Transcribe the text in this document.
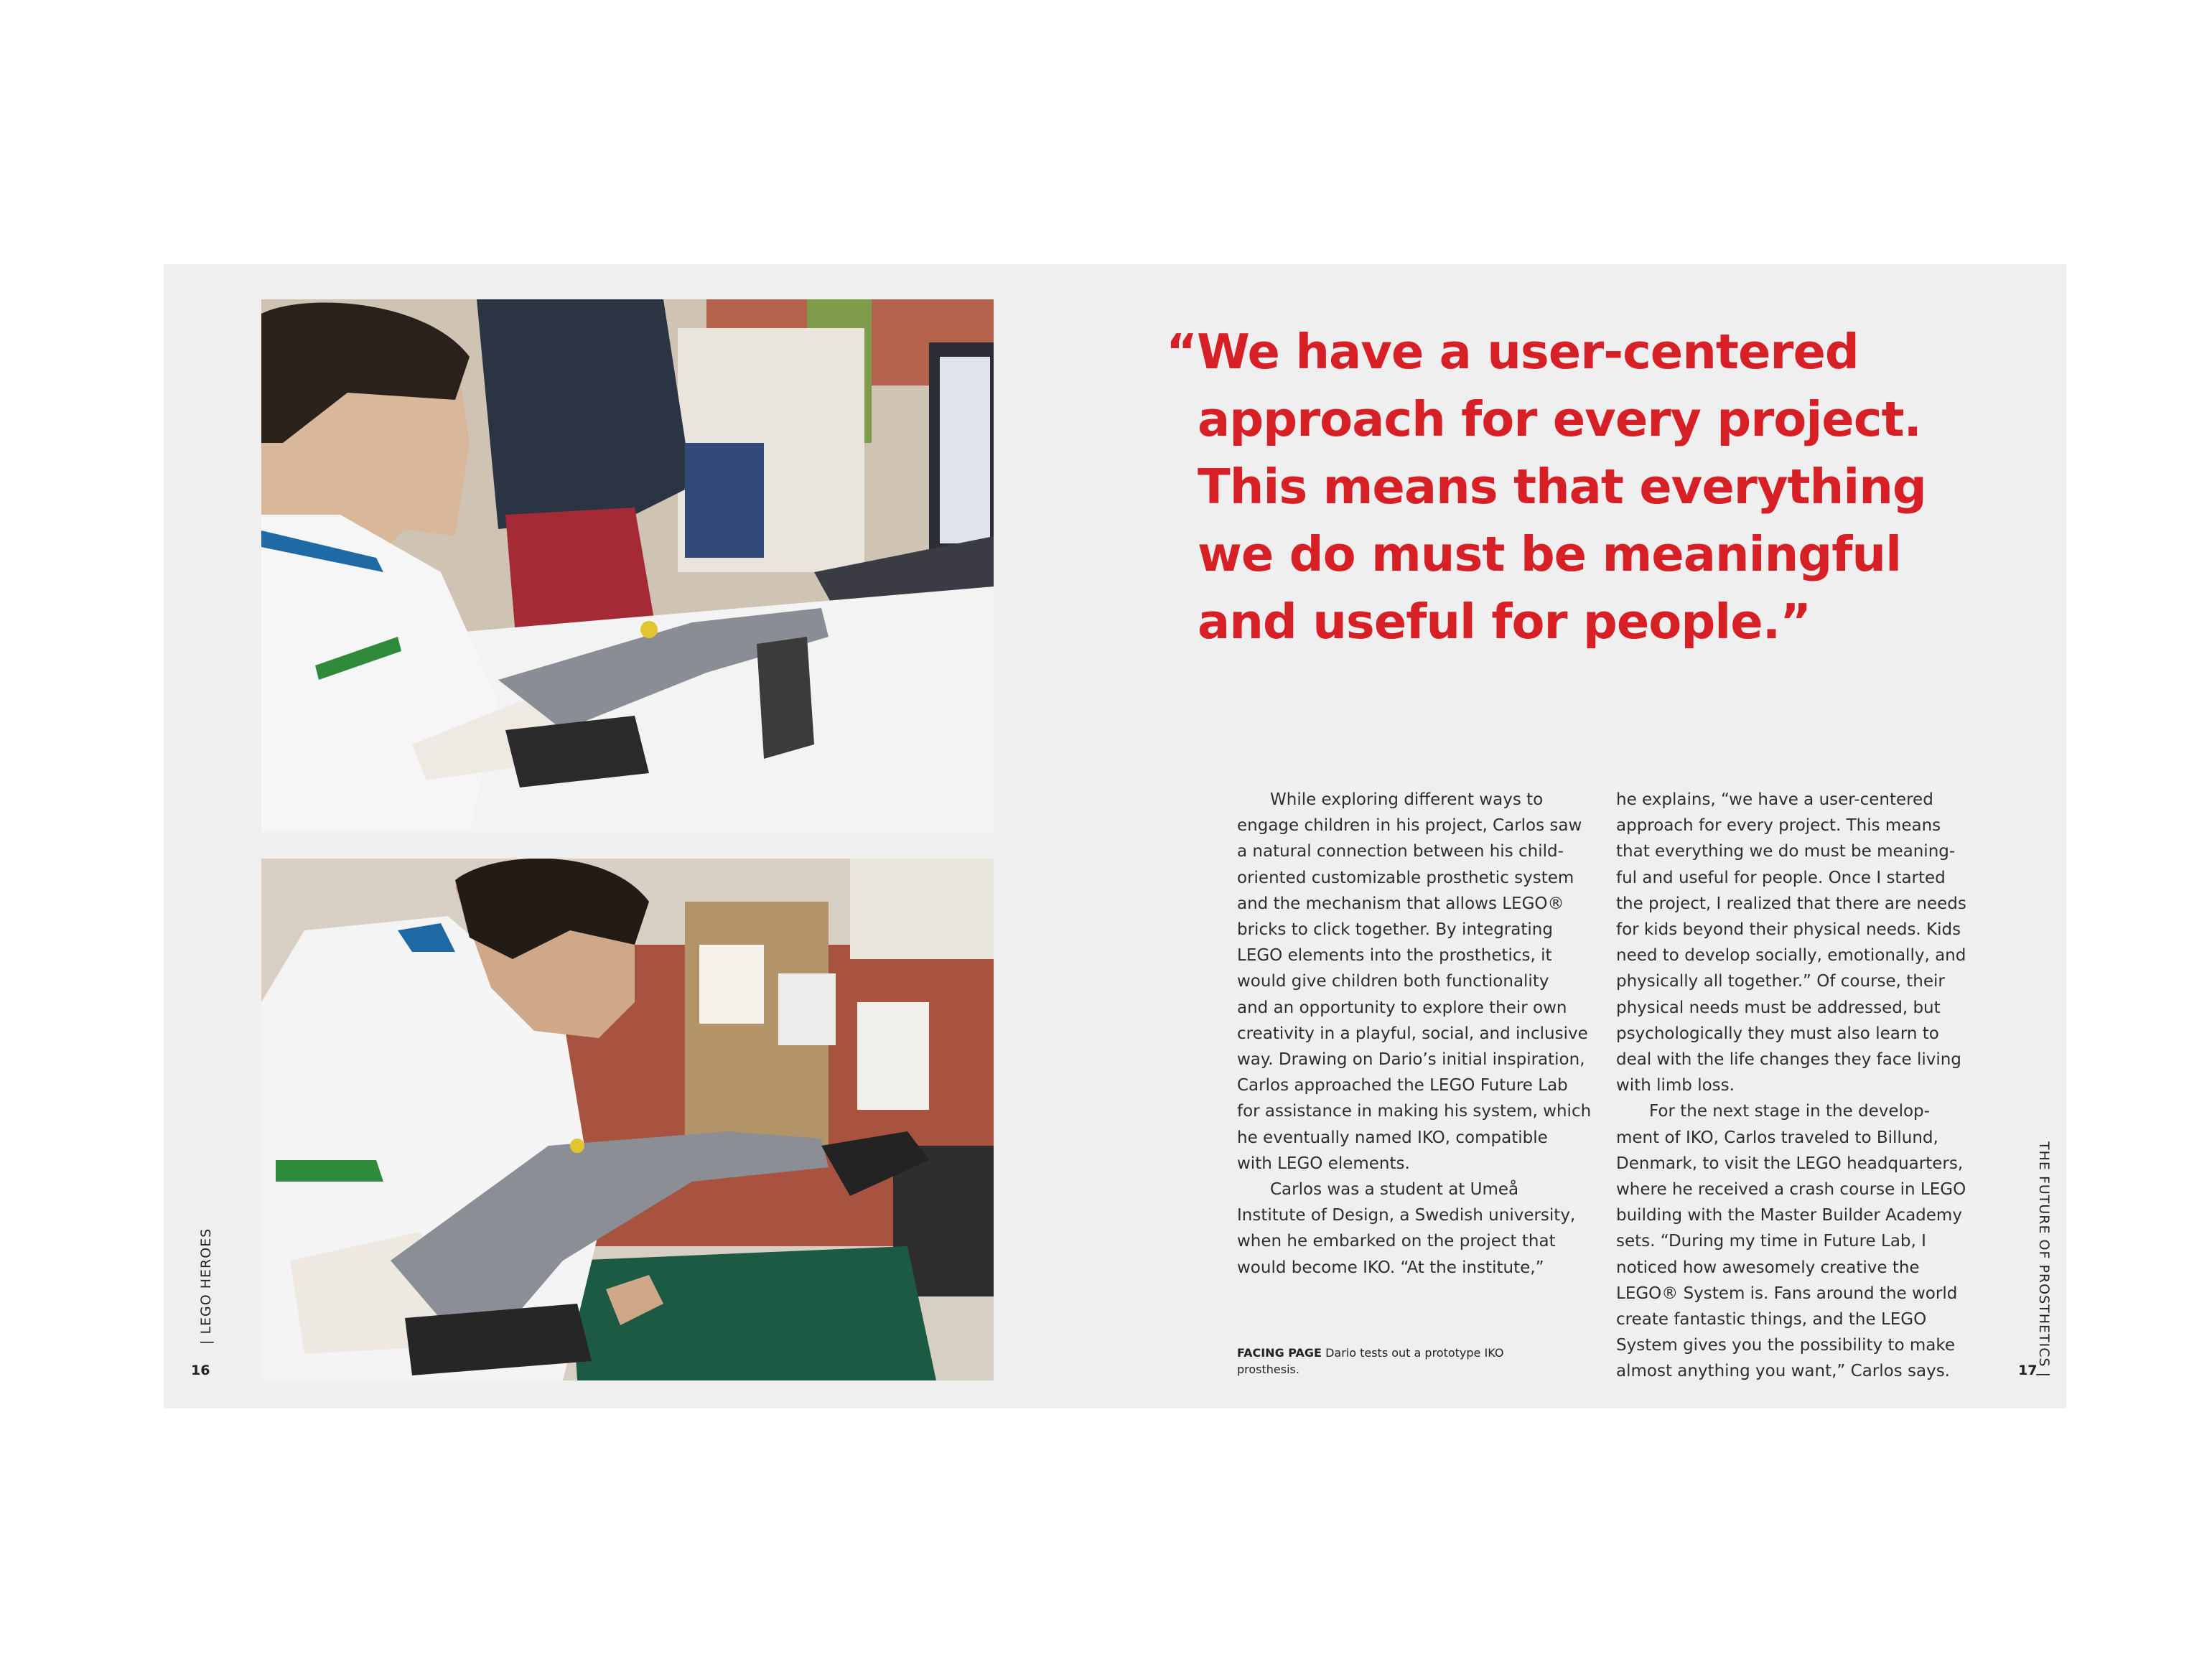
“We have a user-centered
approach for every project.
This means that everything
we do must be meaningful
and useful for people.”
While exploring different ways to
engage children in his project, Carlos saw
a natural connection between his child-
oriented customizable prosthetic system
and the mechanism that allows LEGO®
bricks to click together. By integrating
LEGO elements into the prosthetics, it
would give children both functionality
and an opportunity to explore their own
creativity in a playful, social, and inclusive
way. Drawing on Dario’s initial inspiration,
Carlos approached the LEGO Future Lab
for assistance in making his system, which
he eventually named IKO, compatible
with LEGO elements.
Carlos was a student at Umeå
Institute of Design, a Swedish university,
when he embarked on the project that
would become IKO. “At the institute,”
he explains, “we have a user-centered
approach for every project. This means
that everything we do must be meaning-
ful and useful for people. Once I started
the project, I realized that there are needs
for kids beyond their physical needs. Kids
need to develop socially, emotionally, and
physically all together.” Of course, their
physical needs must be addressed, but
psychologically they must also learn to
deal with the life changes they face living
with limb loss.
For the next stage in the develop-
ment of IKO, Carlos traveled to Billund,
Denmark, to visit the LEGO headquarters,
where he received a crash course in LEGO
building with the Master Builder Academy
sets. “During my time in Future Lab, I
noticed how awesomely creative the
LEGO® System is. Fans around the world
create fantastic things, and the LEGO
System gives you the possibility to make
almost anything you want,” Carlos says.
FACING PAGE Dario tests out a prototype IKO
prosthesis.
| LEGO HEROES	THE FUTURE OF PROSTHETICS |
16	17
